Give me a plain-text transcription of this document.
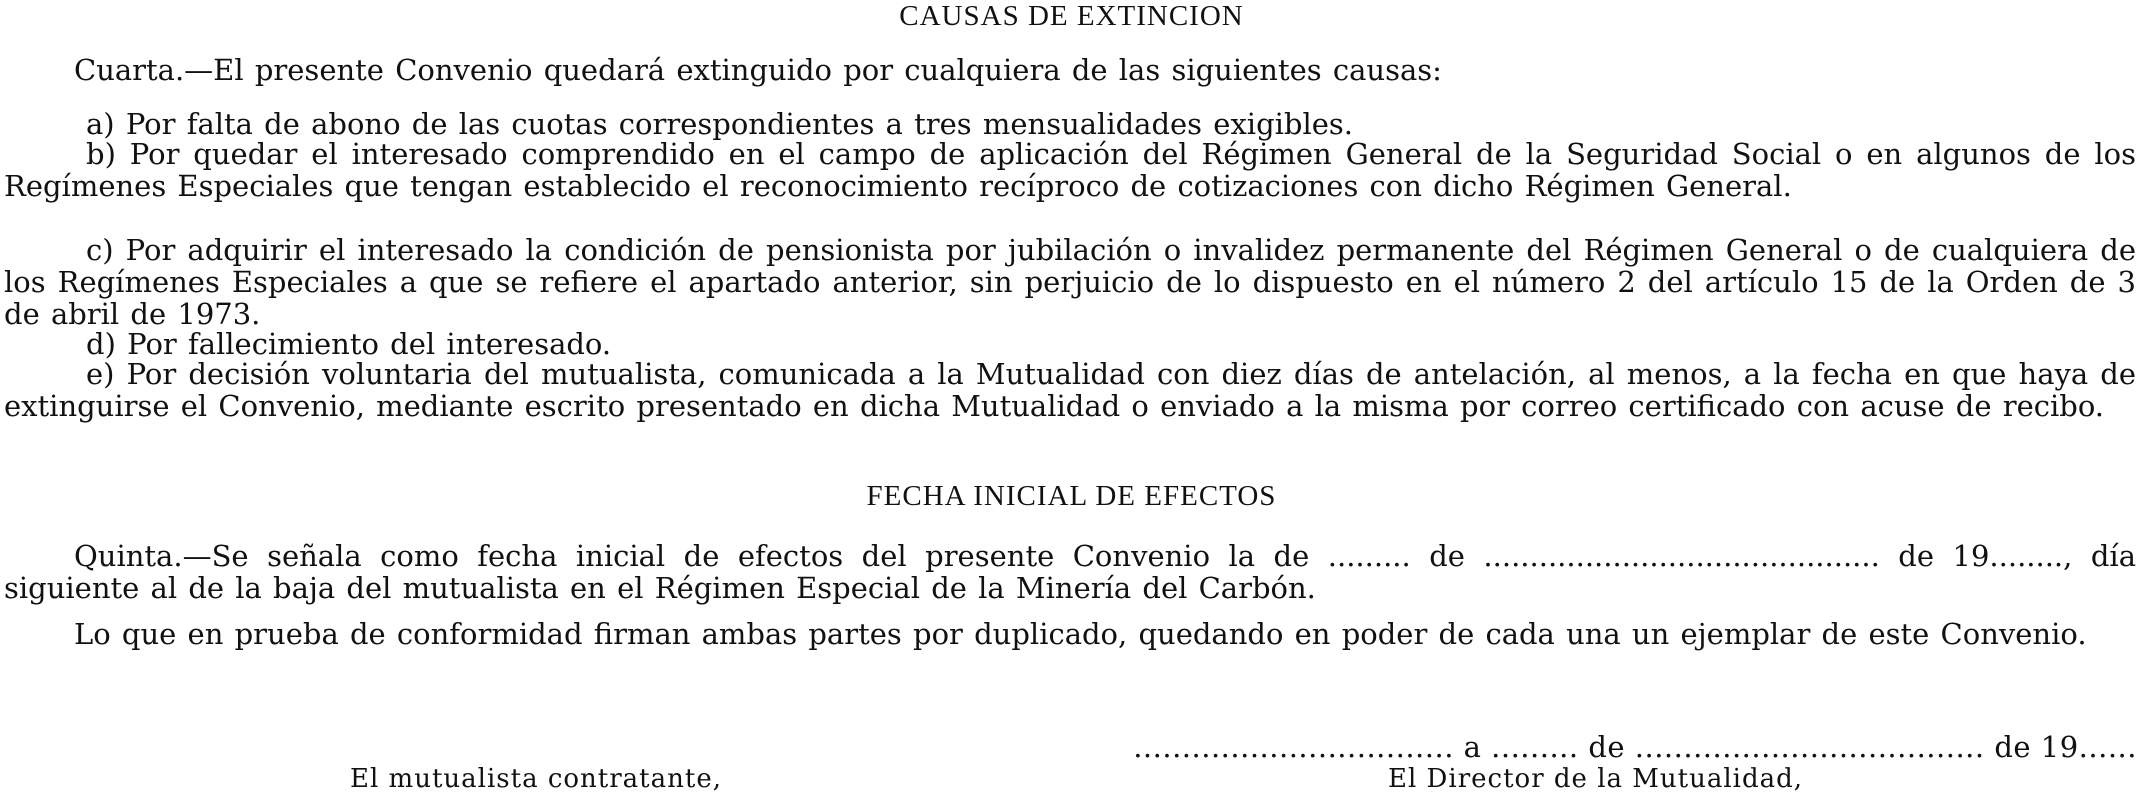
CAUSAS DE EXTINCION
Cuarta.—El presente Convenio quedará extinguido por cualquiera de las siguientes causas:
a) Por falta de abono de las cuotas correspondientes a tres mensualidades exigibles.
b) Por quedar el interesado comprendido en el campo de aplicación del Régimen General de la Seguridad Social o en algunos de los Regímenes Especiales que tengan establecido el reconocimiento recíproco de cotizaciones con dicho Régimen General.
c) Por adquirir el interesado la condición de pensionista por jubilación o invalidez permanente del Régimen General o de cualquiera de los Regímenes Especiales a que se refiere el apartado anterior, sin perjuicio de lo dispuesto en el número 2 del artículo 15 de la Orden de 3 de abril de 1973.
d) Por fallecimiento del interesado.
e) Por decisión voluntaria del mutualista, comunicada a la Mutualidad con diez días de antelación, al menos, a la fecha en que haya de extinguirse el Convenio, mediante escrito presentado en dicha Mutualidad o enviado a la misma por correo certificado con acuse de recibo.
FECHA INICIAL DE EFECTOS
Quinta.—Se señala como fecha inicial de efectos del presente Convenio la de ......... de ........................................... de 19........, día siguiente al de la baja del mutualista en el Régimen Especial de la Minería del Carbón.
Lo que en prueba de conformidad firman ambas partes por duplicado, quedando en poder de cada una un ejemplar de este Convenio.
................................. a ......... de .................................... de 19......
El mutualista contratante,	El Director de la Mutualidad,
